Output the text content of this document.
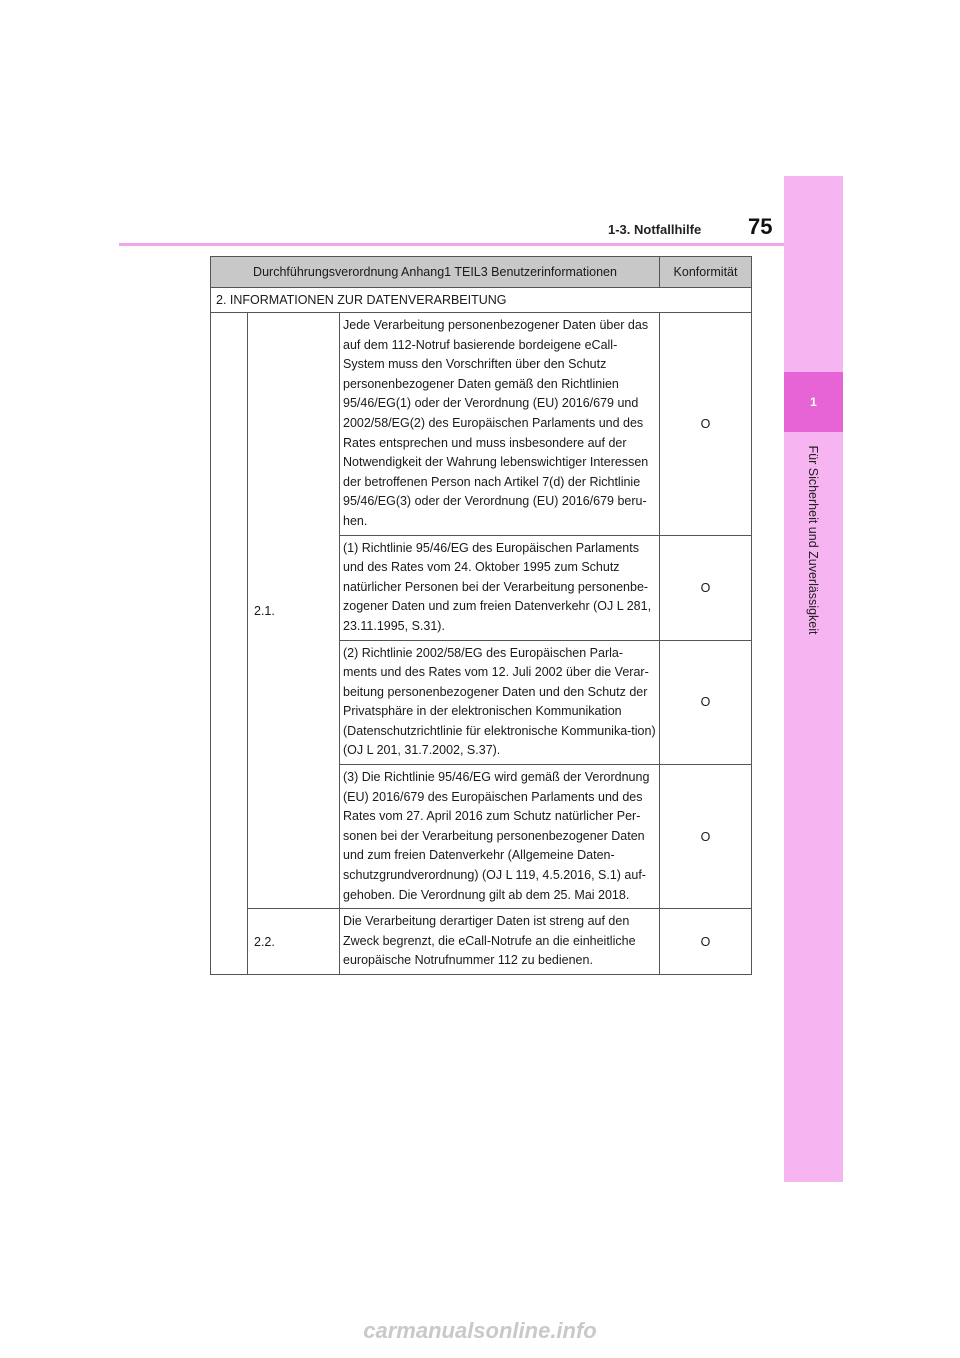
1
Für Sicherheit und Zuverlässigkeit
1-3. Notfallhilfe 75
Durchführungsverordnung Anhang1 TEIL3 Benutzerinformationen			Konformität
2. INFORMATIONEN ZUR DATENVERARBEITUNG			
	2.1.	Jede Verarbeitung personenbezogener Daten über das auf dem 112-Notruf basierende bordeigene eCall-System muss den Vorschriften über den Schutz personenbezogener Daten gemäß den Richtlinien 95/46/EG(1) oder der Verordnung (EU) 2016/679 und 2002/58/EG(2) des Europäischen Parlaments und des Rates entsprechen und muss insbesondere auf der Notwendigkeit der Wahrung lebenswichtiger Interessen der betroffenen Person nach Artikel 7(d) der Richtlinie 95/46/EG(3) oder der Verordnung (EU) 2016/679 beru-hen.	O
		(1) Richtlinie 95/46/EG des Europäischen Parlaments und des Rates vom 24. Oktober 1995 zum Schutz natürlicher Personen bei der Verarbeitung personenbe-zogener Daten und zum freien Datenverkehr (OJ L 281, 23.11.1995, S.31).	O
		(2) Richtlinie 2002/58/EG des Europäischen Parla-ments und des Rates vom 12. Juli 2002 über die Verar-beitung personenbezogener Daten und den Schutz der Privatsphäre in der elektronischen Kommunikation (Datenschutzrichtlinie für elektronische Kommunika-tion) (OJ L 201, 31.7.2002, S.37).	O
		(3) Die Richtlinie 95/46/EG wird gemäß der Verordnung (EU) 2016/679 des Europäischen Parlaments und des Rates vom 27. April 2016 zum Schutz natürlicher Per-sonen bei der Verarbeitung personenbezogener Daten und zum freien Datenverkehr (Allgemeine Daten-schutzgrundverordnung) (OJ L 119, 4.5.2016, S.1) auf-gehoben. Die Verordnung gilt ab dem 25. Mai 2018.	O
	2.2.	Die Verarbeitung derartiger Daten ist streng auf den Zweck begrenzt, die eCall-Notrufe an die einheitliche europäische Notrufnummer 112 zu bedienen.	O
carmanualsonline.info
